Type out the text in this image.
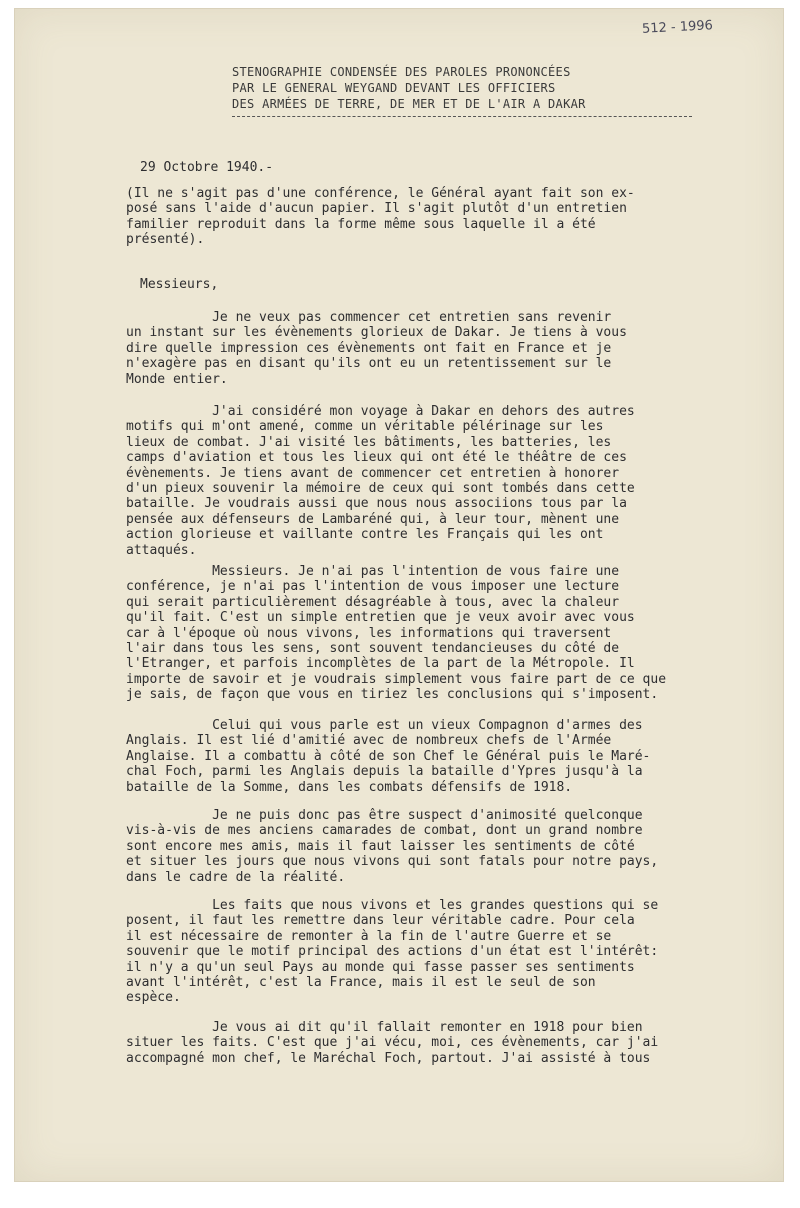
512 - 1996
STENOGRAPHIE CONDENSÉE DES PAROLES PRONONCÉES
PAR LE GENERAL WEYGAND DEVANT LES OFFICIERS
DES ARMÉES DE TERRE, DE MER ET DE L'AIR A DAKAR
29 Octobre 1940.-
(Il ne s'agit pas d'une conférence, le Général ayant fait son ex-
posé sans l'aide d'aucun papier. Il s'agit plutôt d'un entretien
familier reproduit dans la forme même sous laquelle il a été
présenté).
Messieurs,
Je ne veux pas commencer cet entretien sans revenir
un instant sur les évènements glorieux de Dakar. Je tiens à vous
dire quelle impression ces évènements ont fait en France et je
n'exagère pas en disant qu'ils ont eu un retentissement sur le
Monde entier.
J'ai considéré mon voyage à Dakar en dehors des autres
motifs qui m'ont amené, comme un véritable pélérinage sur les
lieux de combat. J'ai visité les bâtiments, les batteries, les
camps d'aviation et tous les lieux qui ont été le théâtre de ces
évènements. Je tiens avant de commencer cet entretien à honorer
d'un pieux souvenir la mémoire de ceux qui sont tombés dans cette
bataille. Je voudrais aussi que nous nous associions tous par la
pensée aux défenseurs de Lambaréné qui, à leur tour, mènent une
action glorieuse et vaillante contre les Français qui les ont
attaqués.
Messieurs. Je n'ai pas l'intention de vous faire une
conférence, je n'ai pas l'intention de vous imposer une lecture
qui serait particulièrement désagréable à tous, avec la chaleur
qu'il fait. C'est un simple entretien que je veux avoir avec vous
car à l'époque où nous vivons, les informations qui traversent
l'air dans tous les sens, sont souvent tendancieuses du côté de
l'Etranger, et parfois incomplètes de la part de la Métropole. Il
importe de savoir et je voudrais simplement vous faire part de ce que
je sais, de façon que vous en tiriez les conclusions qui s'imposent.
Celui qui vous parle est un vieux Compagnon d'armes des
Anglais. Il est lié d'amitié avec de nombreux chefs de l'Armée
Anglaise. Il a combattu à côté de son Chef le Général puis le Maré-
chal Foch, parmi les Anglais depuis la bataille d'Ypres jusqu'à la
bataille de la Somme, dans les combats défensifs de 1918.
Je ne puis donc pas être suspect d'animosité quelconque
vis-à-vis de mes anciens camarades de combat, dont un grand nombre
sont encore mes amis, mais il faut laisser les sentiments de côté
et situer les jours que nous vivons qui sont fatals pour notre pays,
dans le cadre de la réalité.
Les faits que nous vivons et les grandes questions qui se
posent, il faut les remettre dans leur véritable cadre. Pour cela
il est nécessaire de remonter à la fin de l'autre Guerre et se
souvenir que le motif principal des actions d'un état est l'intérêt:
il n'y a qu'un seul Pays au monde qui fasse passer ses sentiments
avant l'intérêt, c'est la France, mais il est le seul de son
espèce.
Je vous ai dit qu'il fallait remonter en 1918 pour bien
situer les faits. C'est que j'ai vécu, moi, ces évènements, car j'ai
accompagné mon chef, le Maréchal Foch, partout. J'ai assisté à tous
